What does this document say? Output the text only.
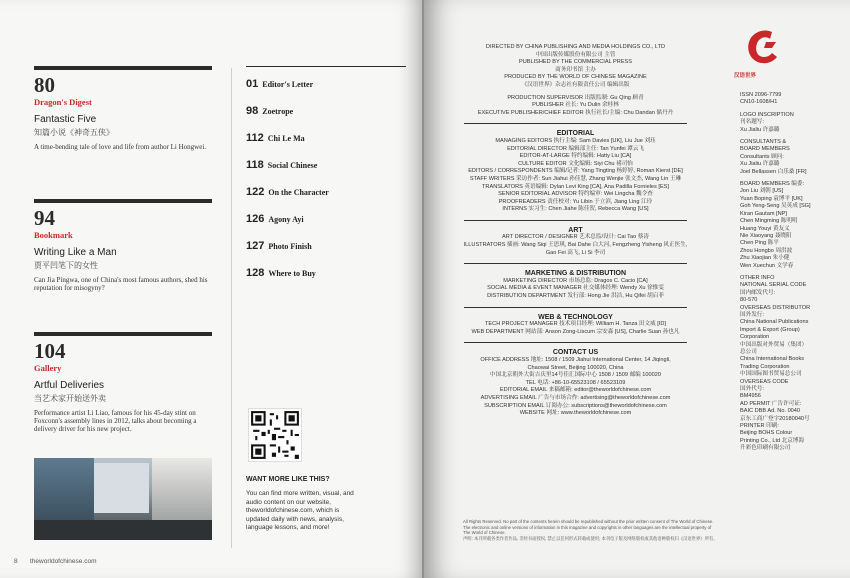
80
Dragon's Digest
Fantastic Five
知篇小说《神奇五侠》
A time-bending tale of love and life from author Li Hongwei.
94
Bookmark
Writing Like a Man
贾平凹笔下的女性
Can Jia Pingwa, one of China's most famous authors, shed his reputation for misogyny?
104
Gallery
Artful Deliveries
当艺术家开始送外卖
Performance artist Li Liao, famous for his 45-day stint on Foxconn's assembly lines in 2012, talks about becoming a delivery driver for his new project.
01 Editor's Letter
98 Zoetrope
112 Chi Le Ma
118 Social Chinese
122 On the Character
126 Agony Ayi
127 Photo Finish
128 Where to Buy
WANT MORE LIKE THIS?
You can find more written, visual, and audio content on our website, theworldofchinese.com, which is updated daily with news, analysis, language lessons, and more!
8 theworldofchinese.com
DIRECTED BY CHINA PUBLISHING AND MEDIA HOLDINGS CO., LTD
中国出版传媒股份有限公司 主管
PUBLISHED BY THE COMMERCIAL PRESS
商务印书馆 主办
PRODUCED BY THE WORLD OF CHINESE MAGAZINE
《汉语世界》杂志社有限责任公司 编辑出版
PRODUCTION SUPERVISOR 出版监制: Gu Qing 顾青
PUBLISHER 社长: Yu Dulin 余桂林
EXECUTIVE PUBLISHER/CHIEF EDITOR 执行社长/主编: Chu Dandan 储丹丹
EDITORIAL
MANAGING EDITORS 执行主编: Sam Davies [UK], Liu Jue 刘珏
EDITORIAL DIRECTOR 编辑部主任: Tan Yunfei 谭云飞
EDITOR-AT-LARGE 特约编辑: Hatty Liu [CA]
CULTURE EDITOR 文化编辑: Siyi Chu 褚司怡
EDITORS / CORRESPONDENTS 编辑/记者: Yang Tingting 杨婷婷, Roman Kierst [DE]
STAFF WRITERS 采访作者: Sun Jiahui 孙佳慧, Zhang Wenjie 张文杰, Wang Lin 王琳
TRANSLATORS 英语编辑: Dylan Levi King [CA], Ana Padilla Fornieles [ES]
SENIOR EDITORIAL ADVISOR 特约编审: Wei Lingcha 魏令查
PROOFREADERS 责任校对: Yu Libin 于立滨, Jiang Ling 江玲
INTERNS 实习生: Chen Jiahe 陈佳贺, Rebecca Wang [US]
ART
ART DIRECTOR / DESIGNER 艺术总监/设计: Cai Tao 蔡涛
ILLUSTRATORS 插画: Wang Siqi 王思琪, Bai Dahe 白大河, Fengzheng Yisheng 风正医生,
Gao Fei 高飞, Li Si 李司
MARKETING & DISTRIBUTION
MARKETING DIRECTOR 市场总监: Dragos C. Cacio [CA]
SOCIAL MEDIA & EVENT MANAGER 社交媒体经理: Wendy Xu 徐惟雯
DISTRIBUTION DEPARTMENT 发行部: Hong Jie 洪洁, Hu Qifei 胡启菲
WEB & TECHNOLOGY
TECH PROJECT MANAGER 技术项目经理: William H. Tanza 田文威 [ID]
WEB DEPARTMENT 网站部: Anson Zong-Liscum 宗安森 [US], Charlie Suan 孙也凡
CONTACT US
OFFICE ADDRESS 地址: 1508 / 1509 Jiahui International Center, 14 Jiqingli,
Chaowai Street, Beijing 100020, China
中国北京朝外大街吉庆里14号佳汇国际中心 1508 / 1509 邮编 100020
TEL 电话: +86-10-65523108 / 65523109
EDITORIAL EMAIL 来稿邮箱: editor@theworldofchinese.com
ADVERTISING EMAIL 广告与市场合作: advertising@theworldofchinese.com
SUBSCRIPTION EMAIL 订阅办公: subscriptions@theworldofchinese.com
WEBSITE 网址: www.theworldofchinese.com
All Rights Reserved. No part of the contents herein should be republished without the prior written consent of The World of Chinese. The electronic and online versions of information in this magazine and copyrights in other languages are the intellectual property of The World of Chinese.
声明: 本刊所载各类作者作品, 非经书面授权, 禁止以任何形式转载或使用; 本刊电子版及网络版权或其他语种版权归《汉语世界》所有。
汉语世界
ISSN 2096-7799
CN10-1608/H1
LOGO INSCRIPTION
刊名题写:
Xu Jialiu 许嘉璐
CONSULTANTS &
BOARD MEMBERS
Consultants 顾问:
Xu Jialiu 许嘉璐
Joel Bellassen 白乐桑 [FR]
BOARD MEMBERS 编委:
Jon Liu 刘朝 [US]
Yuan Boping 袁博平 [UK]
Goh Yeng-Seng 吴英成 [SG]
Kiran Gautam [NP]
Chen Mingming 陈明明
Huang Youyi 黄友义
Nie Xiaoyang 聂晓阳
Chen Ping 陈平
Zhou Hongbo 周洪波
Zhu Xiaojian 朱小健
Wen Xuechun 文学春
OTHER INFO
NATIONAL SERIAL CODE
国内邮发代号:
80-570
OVERSEAS DISTRIBUTOR
国外发行:
China National Publications
Import & Export (Group)
Corporation
中国出版对外贸易（集团）
总公司
China International Books
Trading Corporation
中国国际图书贸易总公司
OVERSEAS CODE
国外代号:
BM4956
AD PERMIT 广告许可证:
BAIC DBB Ad. No. 0040
京东工商广登字20180040号
PRINTER 印刷:
Beijing BOHS Colour
Printing Co., Ltd 北京博海
升彩色印刷有限公司
